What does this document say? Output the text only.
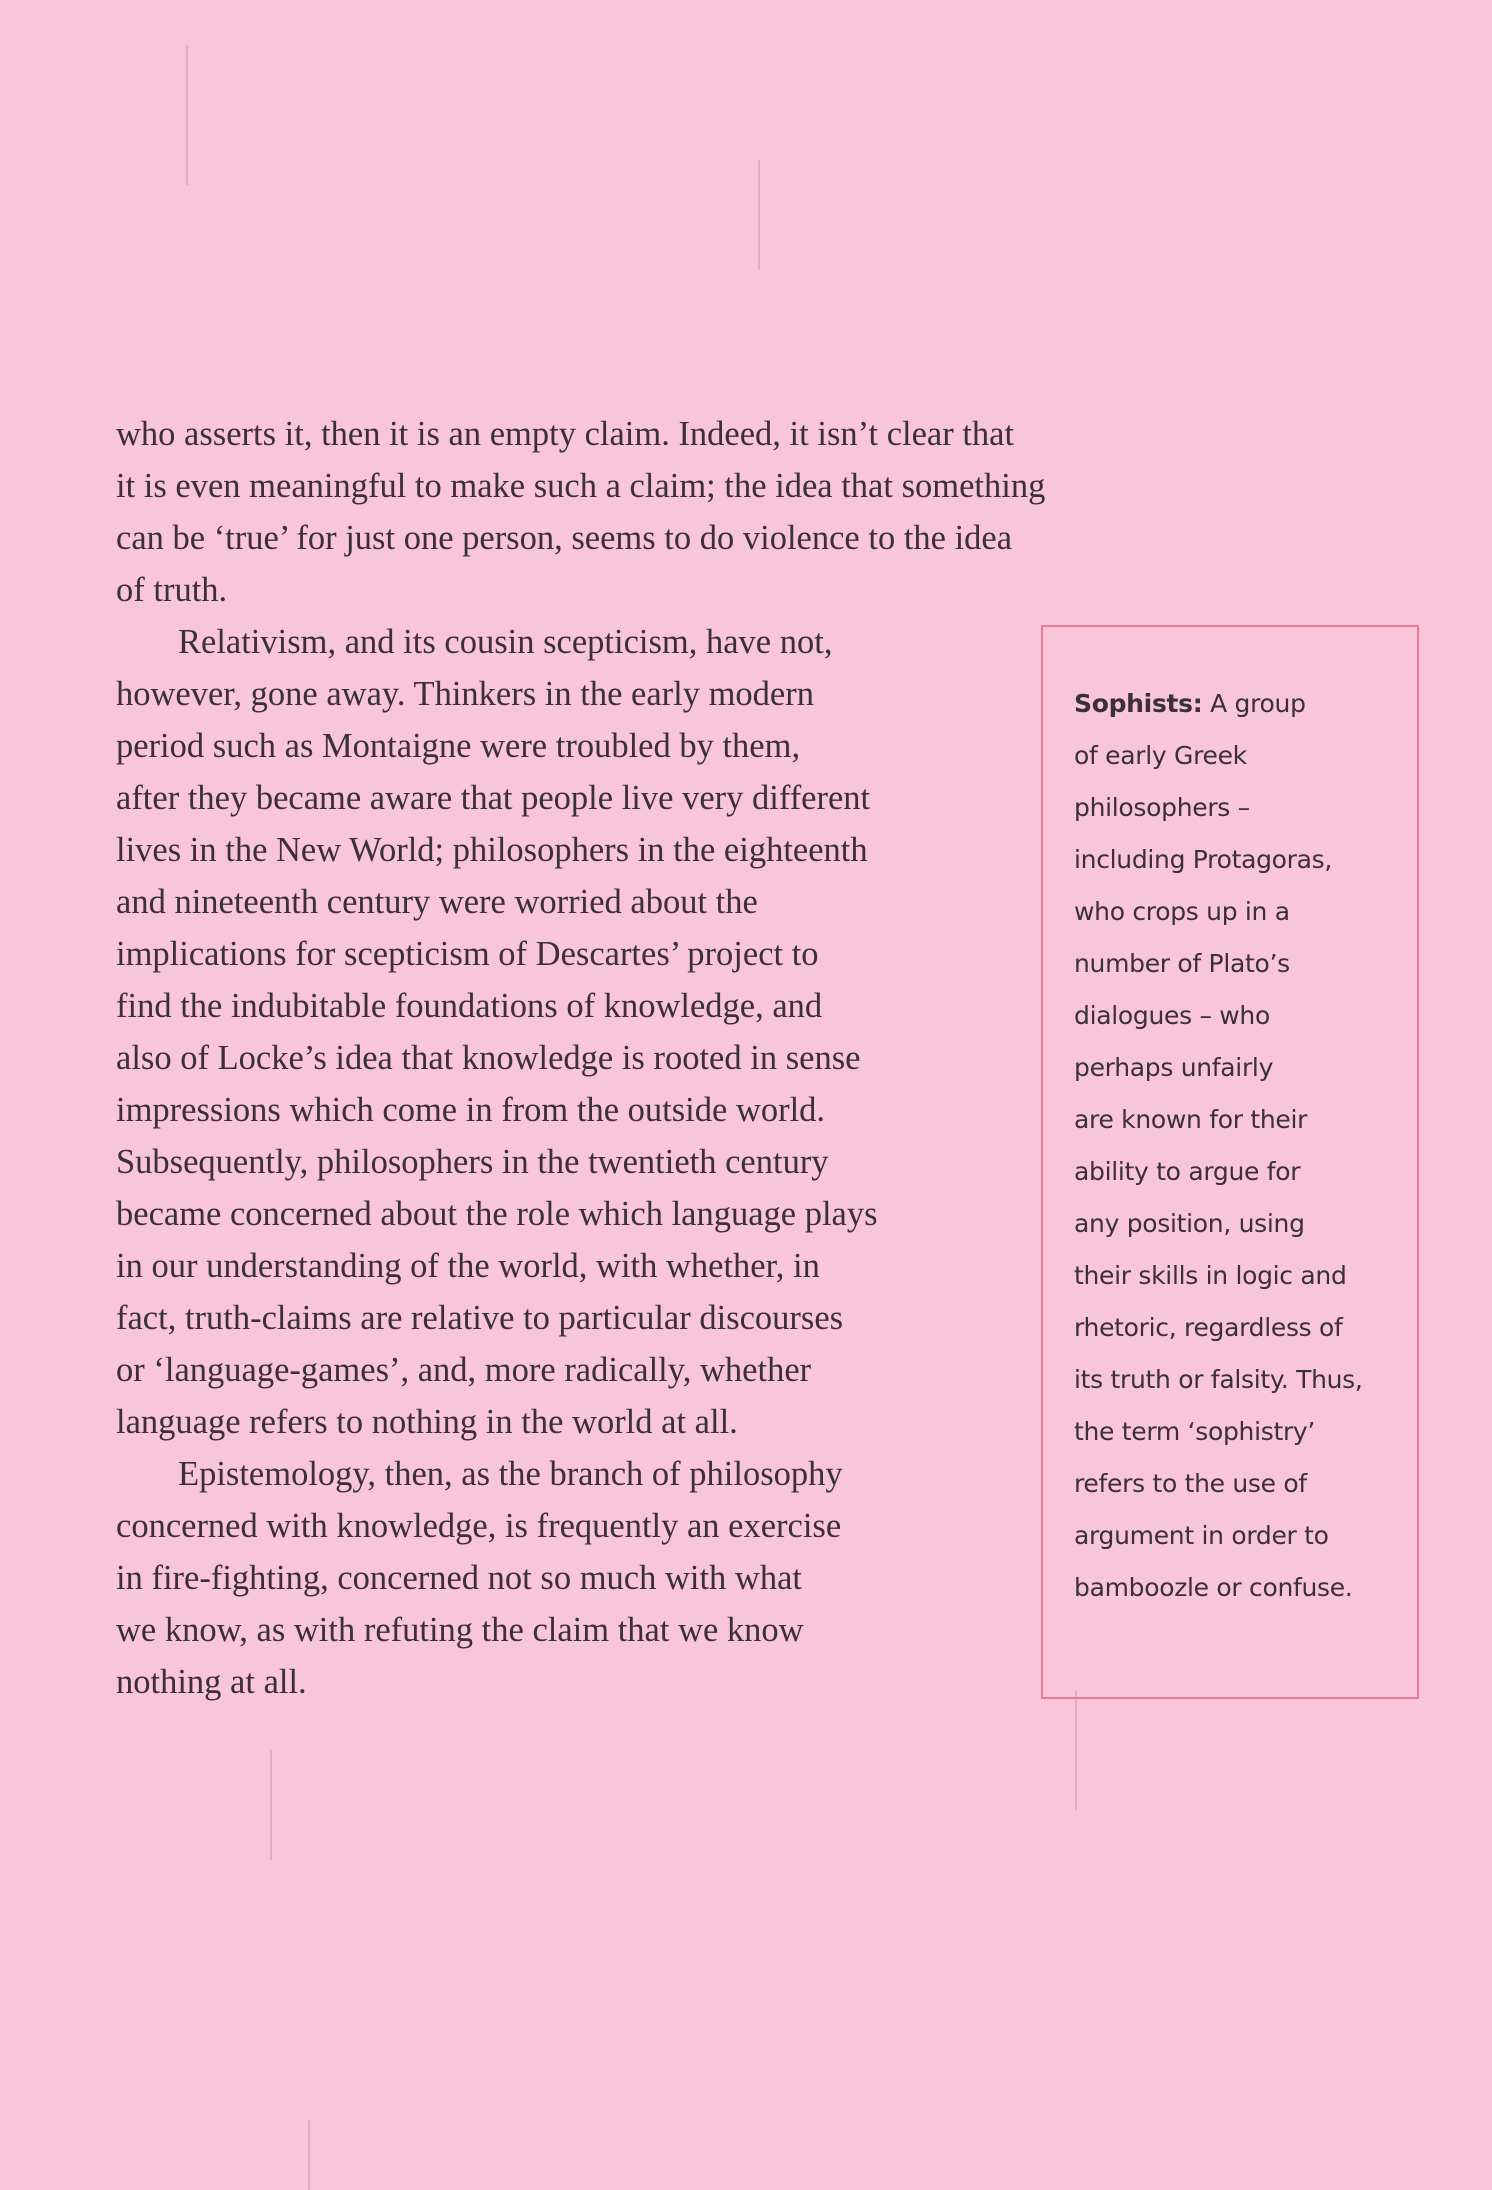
who asserts it, then it is an empty claim. Indeed, it isn’t clear that
it is even meaningful to make such a claim; the idea that something
can be ‘true’ for just one person, seems to do violence to the idea
of truth.
Relativism, and its cousin scepticism, have not,
however, gone away. Thinkers in the early modern
period such as Montaigne were troubled by them,
after they became aware that people live very different
lives in the New World; philosophers in the eighteenth
and nineteenth century were worried about the
implications for scepticism of Descartes’ project to
find the indubitable foundations of knowledge, and
also of Locke’s idea that knowledge is rooted in sense
impressions which come in from the outside world.
Subsequently, philosophers in the twentieth century
became concerned about the role which language plays
in our understanding of the world, with whether, in
fact, truth-claims are relative to particular discourses
or ‘language-games’, and, more radically, whether
language refers to nothing in the world at all.
Epistemology, then, as the branch of philosophy
concerned with knowledge, is frequently an exercise
in fire-fighting, concerned not so much with what
we know, as with refuting the claim that we know
nothing at all.
Sophists: A group
of early Greek
philosophers –
including Protagoras,
who crops up in a
number of Plato’s
dialogues – who
perhaps unfairly
are known for their
ability to argue for
any position, using
their skills in logic and
rhetoric, regardless of
its truth or falsity. Thus,
the term ‘sophistry’
refers to the use of
argument in order to
bamboozle or confuse.
